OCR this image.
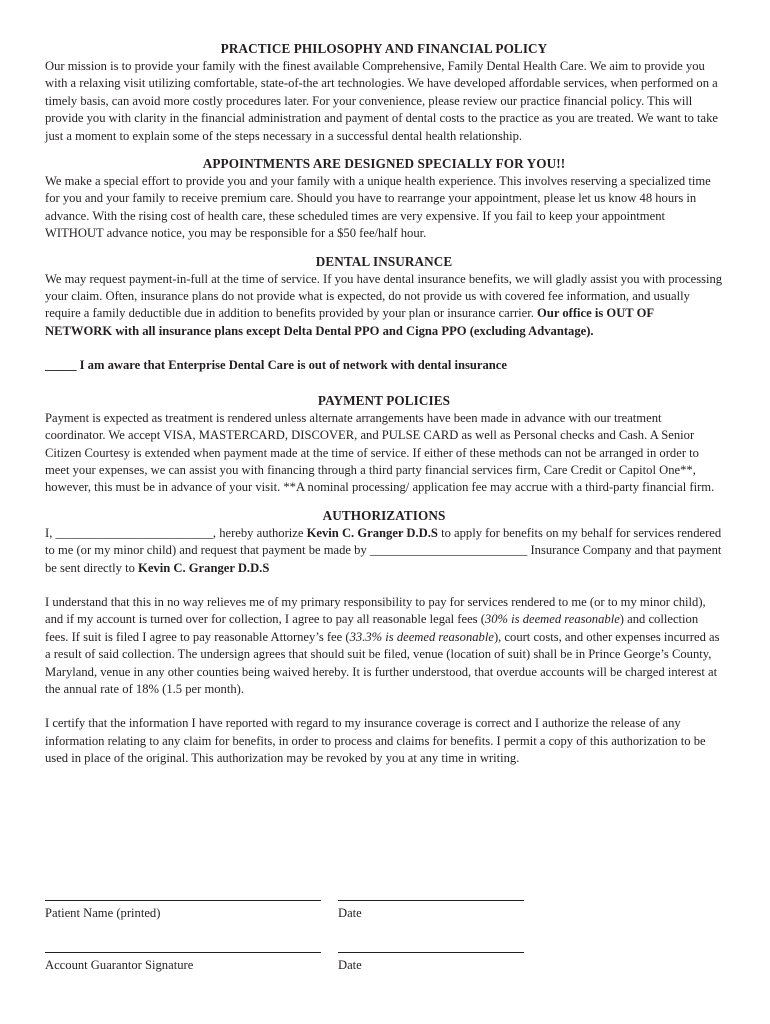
PRACTICE PHILOSOPHY AND FINANCIAL POLICY

Our mission is to provide your family with the finest available Comprehensive, Family Dental Health Care. We aim to provide you with a relaxing visit utilizing comfortable, state-of-the art technologies. We have developed affordable services, when performed on a timely basis, can avoid more costly procedures later. For your convenience, please review our practice financial policy. This will provide you with clarity in the financial administration and payment of dental costs to the practice as you are treated. We want to take just a moment to explain some of the steps necessary in a successful dental health relationship.

APPOINTMENTS ARE DESIGNED SPECIALLY FOR YOU!!

We make a special effort to provide you and your family with a unique health experience. This involves reserving a specialized time for you and your family to receive premium care. Should you have to rearrange your appointment, please let us know 48 hours in advance. With the rising cost of health care, these scheduled times are very expensive. If you fail to keep your appointment WITHOUT advance notice, you may be responsible for a $50 fee/half hour.

DENTAL INSURANCE

We may request payment-in-full at the time of service. If you have dental insurance benefits, we will gladly assist you with processing your claim. Often, insurance plans do not provide what is expected, do not provide us with covered fee information, and usually require a family deductible due in addition to benefits provided by your plan or insurance carrier. Our office is OUT OF NETWORK with all insurance plans except Delta Dental PPO and Cigna PPO (excluding Advantage).

_____ I am aware that Enterprise Dental Care is out of network with dental insurance

PAYMENT POLICIES

Payment is expected as treatment is rendered unless alternate arrangements have been made in advance with our treatment coordinator. We accept VISA, MASTERCARD, DISCOVER, and PULSE CARD as well as Personal checks and Cash. A Senior Citizen Courtesy is extended when payment made at the time of service. If either of these methods can not be arranged in order to meet your expenses, we can assist you with financing through a third party financial services firm, Care Credit or Capitol One**, however, this must be in advance of your visit. **A nominal processing/ application fee may accrue with a third-party financial firm.

AUTHORIZATIONS

I, _________________________, hereby authorize Kevin C. Granger D.D.S to apply for benefits on my behalf for services rendered to me (or my minor child) and request that payment be made by _________________________ Insurance Company and that payment be sent directly to Kevin C. Granger D.D.S

I understand that this in no way relieves me of my primary responsibility to pay for services rendered to me (or to my minor child), and if my account is turned over for collection, I agree to pay all reasonable legal fees (30% is deemed reasonable) and collection fees. If suit is filed I agree to pay reasonable Attorney’s fee (33.3% is deemed reasonable), court costs, and other expenses incurred as a result of said collection. The undersign agrees that should suit be filed, venue (location of suit) shall be in Prince George’s County, Maryland, venue in any other counties being waived hereby. It is further understood, that overdue accounts will be charged interest at the annual rate of 18% (1.5 per month).

I certify that the information I have reported with regard to my insurance coverage is correct and I authorize the release of any information relating to any claim for benefits, in order to process and claims for benefits. I permit a copy of this authorization to be used in place of the original. This authorization may be revoked by you at any time in writing.

Patient Name (printed)	Date
Account Guarantor Signature	Date
